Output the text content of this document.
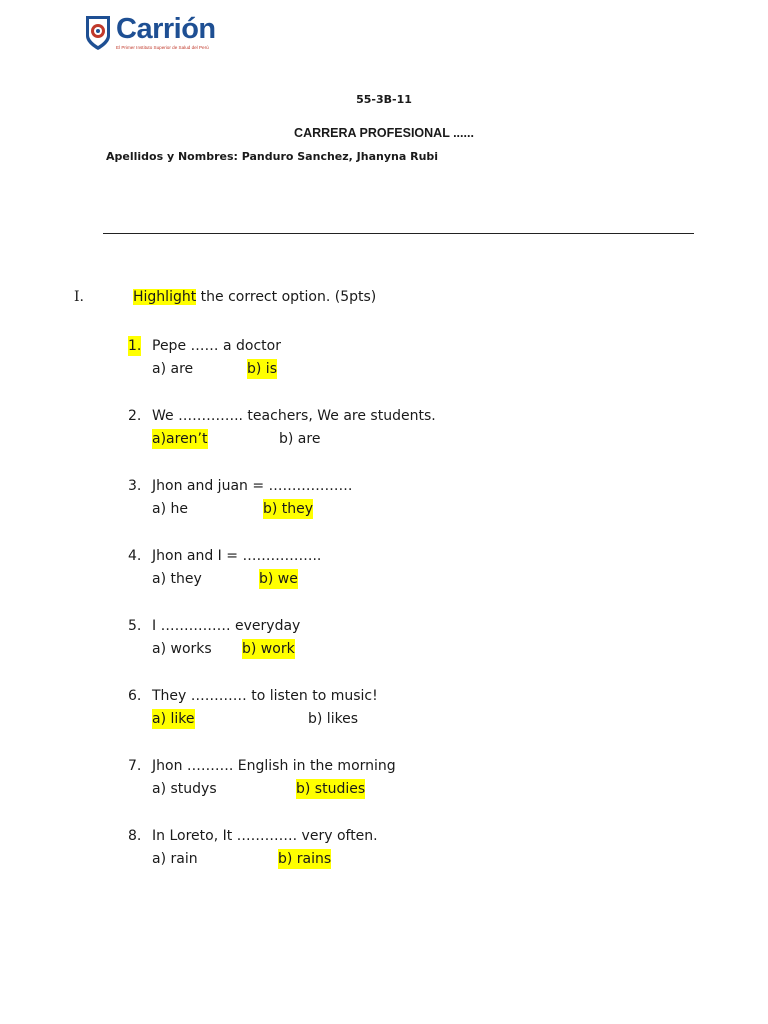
Carrión
El Primer Instituto Superior de Salud del Perú
55-3B-11
CARRERA PROFESIONAL ......
Apellidos y Nombres: Panduro Sanchez, Jhanyna Rubi
I.	Highlight the correct option. (5pts)
1. Pepe …… a doctor
a) are	b) is
2. We ………….. teachers, We are students.
a)aren’t	b) are
3. Jhon and juan = ………………
a) he	b) they
4. Jhon and I = ……………..
a) they	b) we
5. I …………… everyday
a) works b) work
6. They ………… to listen to music!
a) like	b) likes
7. Jhon ………. English in the morning
a) studys	b) studies
8. In Loreto, It …………. very often.
a) rain	b) rains
